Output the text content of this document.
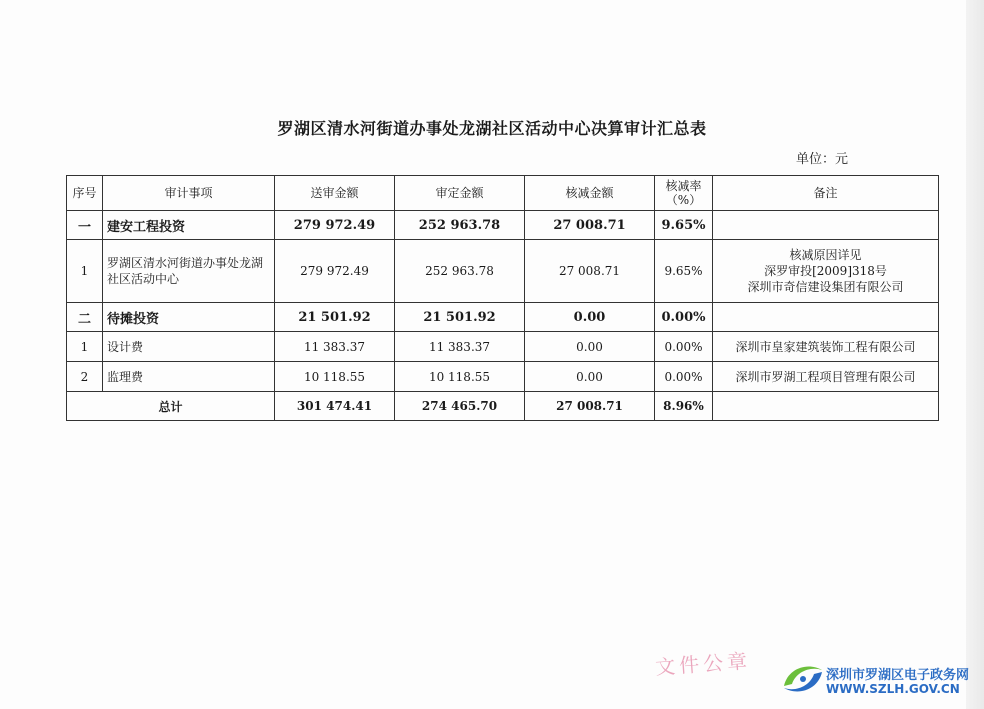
罗湖区清水河街道办事处龙湖社区活动中心决算审计汇总表
单位：元
序号	审计事项	送审金额	审定金额	核减金额	核减率（%）	备注
一	建安工程投资	279 972.49	252 963.78	27 008.71	9.65%	
1	罗湖区清水河街道办事处龙湖社区活动中心	279 972.49	252 963.78	27 008.71	9.65%	核减原因详见
深罗审投[2009]318号
深圳市奇信建设集团有限公司
二	待摊投资	21 501.92	21 501.92	0.00	0.00%	
1	设计费	11 383.37	11 383.37	0.00	0.00%	深圳市皇家建筑装饰工程有限公司
2	监理费	10 118.55	10 118.55	0.00	0.00%	深圳市罗湖工程项目管理有限公司
总计		301 474.41	274 465.70	27 008.71	8.96%	
文件公章	深圳市罗湖区电子政务网
WWW.SZLH.GOV.CN
